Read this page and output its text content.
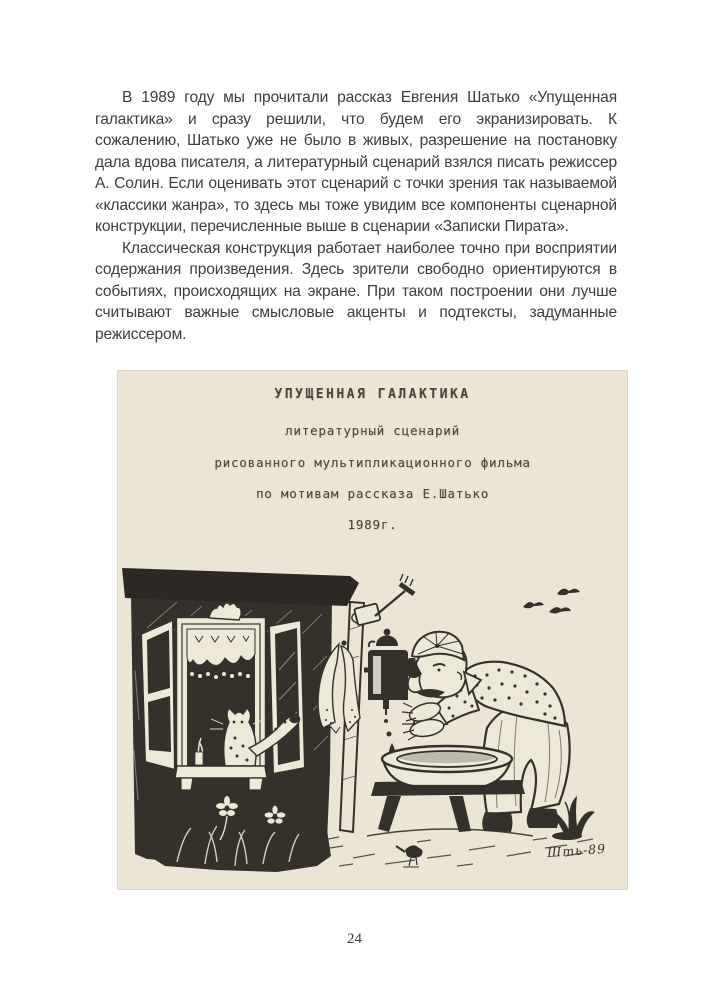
В 1989 году мы прочитали рассказ Евгения Шатько «Упущенная галактика» и сразу решили, что будем его экранизировать. К сожалению, Шатько уже не было в живых, разрешение на постановку дала вдова писателя, а литературный сценарий взялся писать режиссер А. Солин. Если оценивать этот сценарий с точки зрения так называемой «классики жанра», то здесь мы тоже увидим все компоненты сценарной конструкции, перечисленные выше в сценарии «Записки Пирата».

Классическая конструкция работает наиболее точно при восприятии содержания произведения. Здесь зрители свободно ориентируются в событиях, происходящих на экране. При таком построении они лучше считывают важные смысловые акценты и подтексты, задуманные режиссером.

УПУЩЕННАЯ ГАЛАКТИКА
литературный сценарий
рисованного мультипликационного фильма
по мотивам рассказа Е.Шатько
1989г.
Шть-89
24
